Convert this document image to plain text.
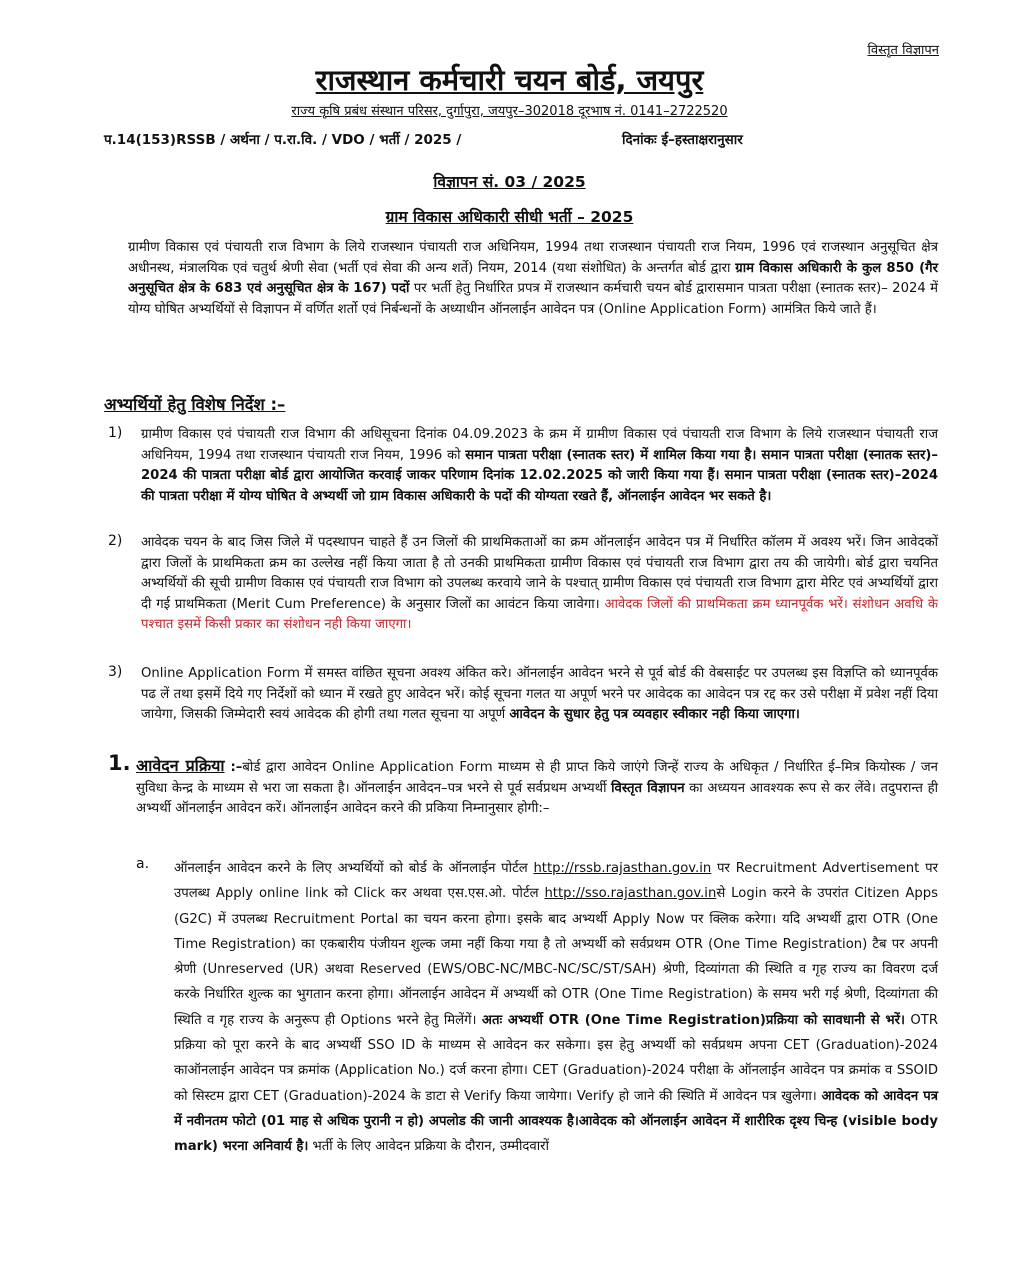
विस्तृत विज्ञापन
राजस्थान कर्मचारी चयन बोर्ड, जयपुर
राज्य कृषि प्रबंध संस्थान परिसर, दुर्गापुरा, जयपुर–302018 दूरभाष नं. 0141–2722520
प.14(153)RSSB / अर्थना / प.रा.वि. / VDO / भर्ती / 2025 /	दिनांकः ई–हस्ताक्षरानुसार
विज्ञापन सं. 03 / 2025
ग्राम विकास अधिकारी सीधी भर्ती – 2025
ग्रामीण विकास एवं पंचायती राज विभाग के लिये राजस्थान पंचायती राज अधिनियम, 1994 तथा राजस्थान पंचायती राज नियम, 1996 एवं राजस्थान अनुसूचित क्षेत्र अधीनस्थ, मंत्रालयिक एवं चतुर्थ श्रेणी सेवा (भर्ती एवं सेवा की अन्य शर्ते) नियम, 2014 (यथा संशोधित) के अन्तर्गत बोर्ड द्वारा ग्राम विकास अधिकारी के कुल 850 (गैर अनुसूचित क्षेत्र के 683 एवं अनुसूचित क्षेत्र के 167) पदों पर भर्ती हेतु निर्धारित प्रपत्र में राजस्थान कर्मचारी चयन बोर्ड द्वारासमान पात्रता परीक्षा (स्नातक स्तर)– 2024 में योग्य घोषित अभ्यर्थियों से विज्ञापन में वर्णित शर्तो एवं निर्बन्धनों के अध्याधीन ऑनलाईन आवेदन पत्र (Online Application Form) आमंत्रित किये जाते हैं।
अभ्यर्थियों हेतु विशेष निर्देश :–
1) ग्रामीण विकास एवं पंचायती राज विभाग की अधिसूचना दिनांक 04.09.2023 के क्रम में ग्रामीण विकास एवं पंचायती राज विभाग के लिये राजस्थान पंचायती राज अधिनियम, 1994 तथा राजस्थान पंचायती राज नियम, 1996 को समान पात्रता परीक्षा (स्नातक स्तर) में शामिल किया गया है। समान पात्रता परीक्षा (स्नातक स्तर)–2024 की पात्रता परीक्षा बोर्ड द्वारा आयोजित करवाई जाकर परिणाम दिनांक 12.02.2025 को जारी किया गया हैं। समान पात्रता परीक्षा (स्नातक स्तर)–2024 की पात्रता परीक्षा में योग्य घोषित वे अभ्यर्थी जो ग्राम विकास अधिकारी के पदों की योग्यता रखते हैं, ऑनलाईन आवेदन भर सकते है।
2) आवेदक चयन के बाद जिस जिले में पदस्थापन चाहते हैं उन जिलों की प्राथमिकताओं का क्रम ऑनलाईन आवेदन पत्र में निर्धारित कॉलम में अवश्य भरें। जिन आवेदकों द्वारा जिलों के प्राथमिकता क्रम का उल्लेख नहीं किया जाता है तो उनकी प्राथमिकता ग्रामीण विकास एवं पंचायती राज विभाग द्वारा तय की जायेगी। बोर्ड द्वारा चयनित अभ्यर्थियों की सूची ग्रामीण विकास एवं पंचायती राज विभाग को उपलब्ध करवाये जाने के पश्चात् ग्रामीण विकास एवं पंचायती राज विभाग द्वारा मेरिट एवं अभ्यर्थियों द्वारा दी गई प्राथमिकता (Merit Cum Preference) के अनुसार जिलों का आवंटन किया जावेगा। आवेदक जिलों की प्राथमिकता क्रम ध्यानपूर्वक भरें। संशोधन अवधि के पश्चात इसमें किसी प्रकार का संशोधन नही किया जाएगा।
3) Online Application Form में समस्त वांछित सूचना अवश्य अंकित करे। ऑनलाईन आवेदन भरने से पूर्व बोर्ड की वेबसाईट पर उपलब्ध इस विज्ञप्ति को ध्यानपूर्वक पढ लें तथा इसमें दिये गए निर्देशों को ध्यान में रखते हुए आवेदन भरें। कोई सूचना गलत या अपूर्ण भरने पर आवेदक का आवेदन पत्र रद्द कर उसे परीक्षा में प्रवेश नहीं दिया जायेगा, जिसकी जिम्मेदारी स्वयं आवेदक की होगी तथा गलत सूचना या अपूर्ण आवेदन के सुधार हेतु पत्र व्यवहार स्वीकार नही किया जाएगा।
1. आवेदन प्रक्रिया :–बोर्ड द्वारा आवेदन Online Application Form माध्यम से ही प्राप्त किये जाएंगे जिन्हें राज्य के अधिकृत / निर्धारित ई–मित्र कियोस्क / जन सुविधा केन्द्र के माध्यम से भरा जा सकता है। ऑनलाईन आवेदन–पत्र भरने से पूर्व सर्वप्रथम अभ्यर्थी विस्तृत विज्ञापन का अध्ययन आवश्यक रूप से कर लेंवे। तदुपरान्त ही अभ्यर्थी ऑनलाईन आवेदन करें। ऑनलाईन आवेदन करने की प्रकिया निम्नानुसार होगी:–
a. ऑनलाईन आवेदन करने के लिए अभ्यर्थियों को बोर्ड के ऑनलाईन पोर्टल http://rssb.rajasthan.gov.in पर Recruitment Advertisement पर उपलब्ध Apply online link को Click कर अथवा एस.एस.ओ. पोर्टल http://sso.rajasthan.gov.inसे Login करने के उपरांत Citizen Apps (G2C) में उपलब्ध Recruitment Portal का चयन करना होगा। इसके बाद अभ्यर्थी Apply Now पर क्लिक करेगा। यदि अभ्यर्थी द्वारा OTR (One Time Registration) का एकबारीय पंजीयन शुल्क जमा नहीं किया गया है तो अभ्यर्थी को सर्वप्रथम OTR (One Time Registration) टैब पर अपनी श्रेणी (Unreserved (UR) अथवा Reserved (EWS/OBC-NC/MBC-NC/SC/ST/SAH) श्रेणी, दिव्यांगता की स्थिति व गृह राज्य का विवरण दर्ज करके निर्धारित शुल्क का भुगतान करना होगा। ऑनलाईन आवेदन में अभ्यर्थी को OTR (One Time Registration) के समय भरी गई श्रेणी, दिव्यांगता की स्थिति व गृह राज्य के अनुरूप ही Options भरने हेतु मिलेंगें। अतः अभ्यर्थी OTR (One Time Registration)प्रक्रिया को सावधानी से भरें। OTR प्रक्रिया को पूरा करने के बाद अभ्यर्थी SSO ID के माध्यम से आवेदन कर सकेगा। इस हेतु अभ्यर्थी को सर्वप्रथम अपना CET (Graduation)-2024 काऑनलाईन आवेदन पत्र क्रमांक (Application No.) दर्ज करना होगा। CET (Graduation)-2024 परीक्षा के ऑनलाईन आवेदन पत्र क्रमांक व SSOID को सिस्टम द्वारा CET (Graduation)-2024 के डाटा से Verify किया जायेगा। Verify हो जाने की स्थिति में आवेदन पत्र खुलेगा। आवेदक को आवेदन पत्र में नवीनतम फोटो (01 माह से अधिक पुरानी न हो) अपलोड की जानी आवश्यक है।आवेदक को ऑनलाईन आवेदन में शारीरिक दृश्य चिन्ह (visible body mark) भरना अनिवार्य है। भर्ती के लिए आवेदन प्रक्रिया के दौरान, उम्मीदवारों
